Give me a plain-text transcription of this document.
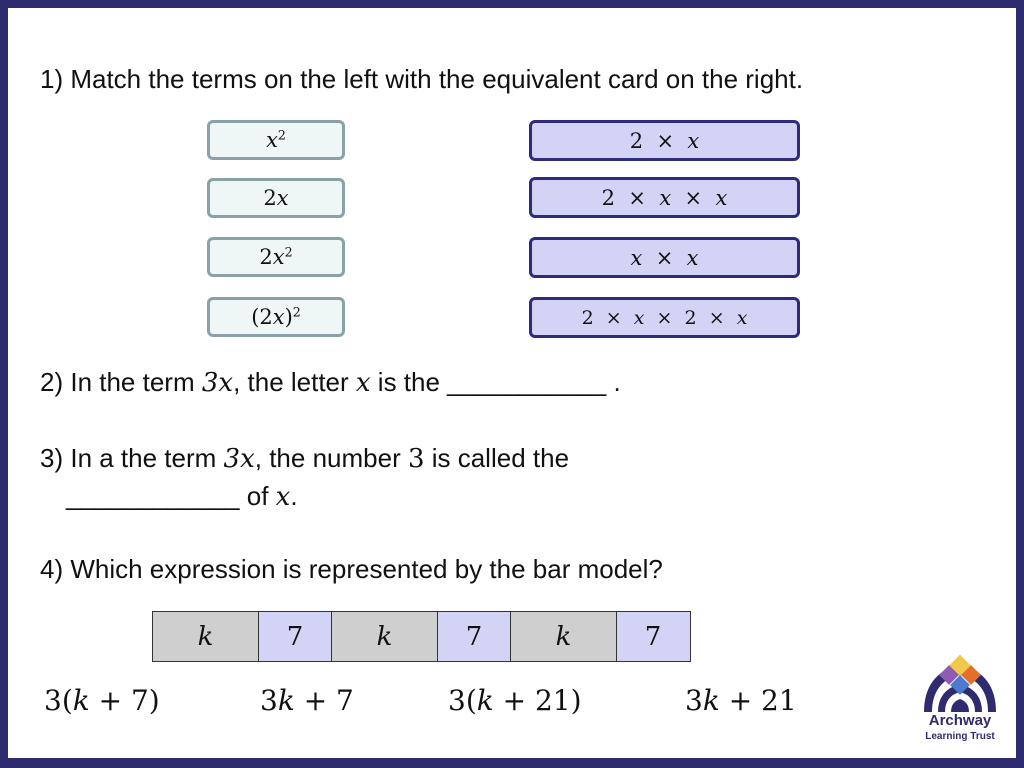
1) Match the terms on the left with the equivalent card on the right.
$x^2$
2x
$2x^2$
$(2x)^2$
2  ×  x
2  ×  x  ×  x
x  ×  x
2  ×  x  ×  2  ×  x
2) In the term 3x, the letter x is the ___________ .
3) In a the term 3x, the number 3 is called the
____________ of x.
4) Which expression is represented by the bar model?
k	7	k	7	k	7
3(k + 7)	3k + 7	3(k + 21)	3k + 21
Archway
Learning Trust
